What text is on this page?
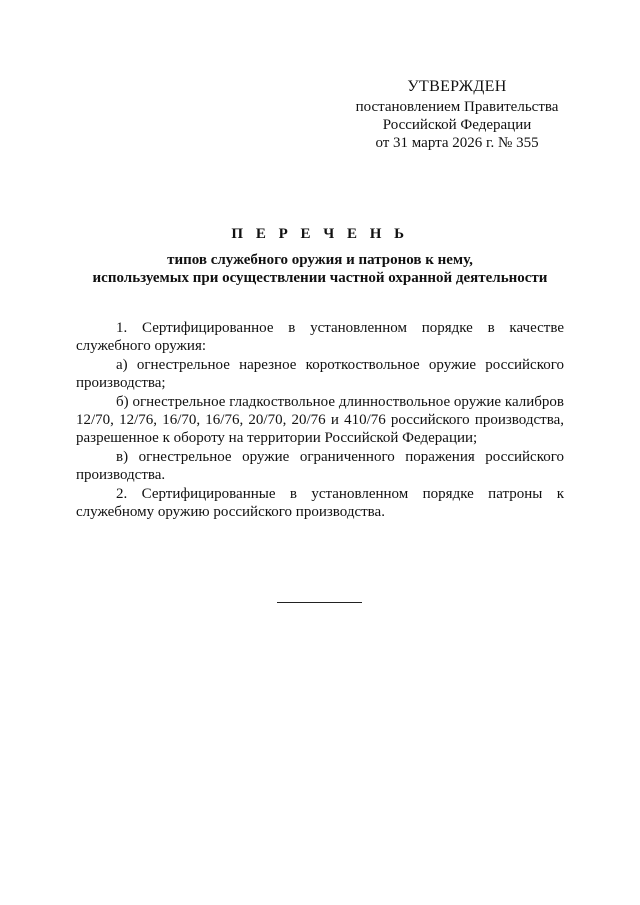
УТВЕРЖДЕН
постановлением Правительства
Российской Федерации
от 31 марта 2026 г. № 355
П Е Р Е Ч Е Н Ь
типов служебного оружия и патронов к нему,
используемых при осуществлении частной охранной деятельности

1. Сертифицированное в установленном порядке в качестве служебного оружия:

а) огнестрельное нарезное короткоствольное оружие российского производства;

б) огнестрельное гладкоствольное длинноствольное оружие калибров 12/70, 12/76, 16/70, 16/76, 20/70, 20/76 и 410/76 российского производства, разрешенное к обороту на территории Российской Федерации;

в) огнестрельное оружие ограниченного поражения российского производства.

2. Сертифицированные в установленном порядке патроны к служебному оружию российского производства.
